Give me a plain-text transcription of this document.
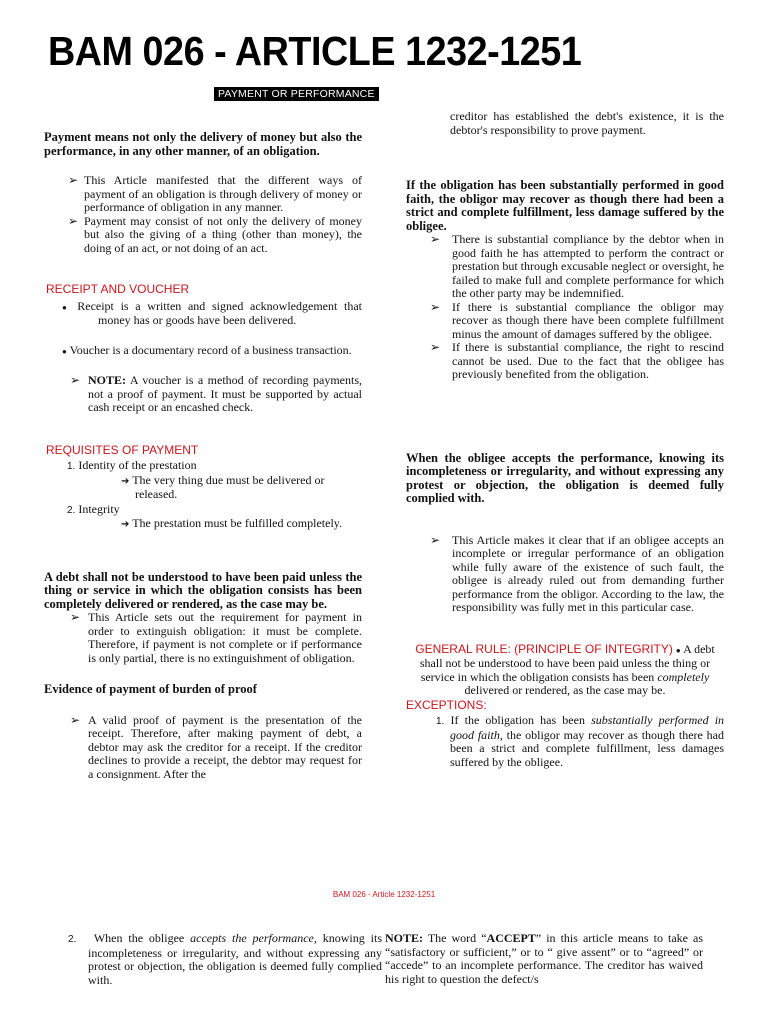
BAM 026 - ARTICLE 1232-1251
PAYMENT OR PERFORMANCE

Payment means not only the delivery of money but also the performance, in any other manner, of an obligation.

➢ This Article manifested that the different ways of payment of an obligation is through delivery of money or performance of obligation in any manner.
➢ Payment may consist of not only the delivery of money but also the giving of a thing (other than money), the doing of an act, or not doing of an act.

RECEIPT AND VOUCHER

● Receipt is a written and signed acknowledgement that money has or goods have been delivered.
● Voucher is a documentary record of a business transaction.
➢ NOTE: A voucher is a method of recording payments, not a proof of payment. It must be supported by actual cash receipt or an encashed check.

REQUISITES OF PAYMENT

1. Identity of the prestation
➔ The very thing due must be delivered or released.
2. Integrity
➔ The prestation must be fulfilled completely.

A debt shall not be understood to have been paid unless the thing or service in which the obligation consists has been completely delivered or rendered, as the case may be.

➢ This Article sets out the requirement for payment in order to extinguish obligation: it must be complete. Therefore, if payment is not complete or if performance is only partial, there is no extinguishment of obligation.

Evidence of payment of burden of proof

➢ A valid proof of payment is the presentation of the receipt. Therefore, after making payment of debt, a debtor may ask the creditor for a receipt. If the creditor declines to provide a receipt, the debtor may request for a consignment. After the

creditor has established the debt's existence, it is the debtor's responsibility to prove payment.

If the obligation has been substantially performed in good faith, the obligor may recover as though there had been a strict and complete fulfillment, less damage suffered by the obligee.

➢ There is substantial compliance by the debtor when in good faith he has attempted to perform the contract or prestation but through excusable neglect or oversight, he failed to make full and complete performance for which the other party may be indemnified.
➢ If there is substantial compliance the obligor may recover as though there have been complete fulfillment minus the amount of damages suffered by the obligee.
➢ If there is substantial compliance, the right to rescind cannot be used. Due to the fact that the obligee has previously benefited from the obligation.

When the obligee accepts the performance, knowing its incompleteness or irregularity, and without expressing any protest or objection, the obligation is deemed fully complied with.

➢ This Article makes it clear that if an obligee accepts an incomplete or irregular performance of an obligation while fully aware of the existence of such fault, the obligee is already ruled out from demanding further performance from the obligor. According to the law, the responsibility was fully met in this particular case.

GENERAL RULE: (PRINCIPLE OF INTEGRITY) ● A debt shall not be understood to have been paid unless the thing or service in which the obligation consists has been completely delivered or rendered, as the case may be.

EXCEPTIONS:

1. If the obligation has been substantially performed in good faith, the obligor may recover as though there had been a strict and complete fulfillment, less damages suffered by the obligee.
BAM 026 - Article 1232-1251
2. When the obligee accepts the performance, knowing its incompleteness or irregularity, and without expressing any protest or objection, the obligation is deemed fully complied with.
NOTE: The word “ACCEPT” in this article means to take as “satisfactory or sufficient,” or to “ give assent” or to “agreed” or “accede” to an incomplete performance. The creditor has waived his right to question the defect/s
